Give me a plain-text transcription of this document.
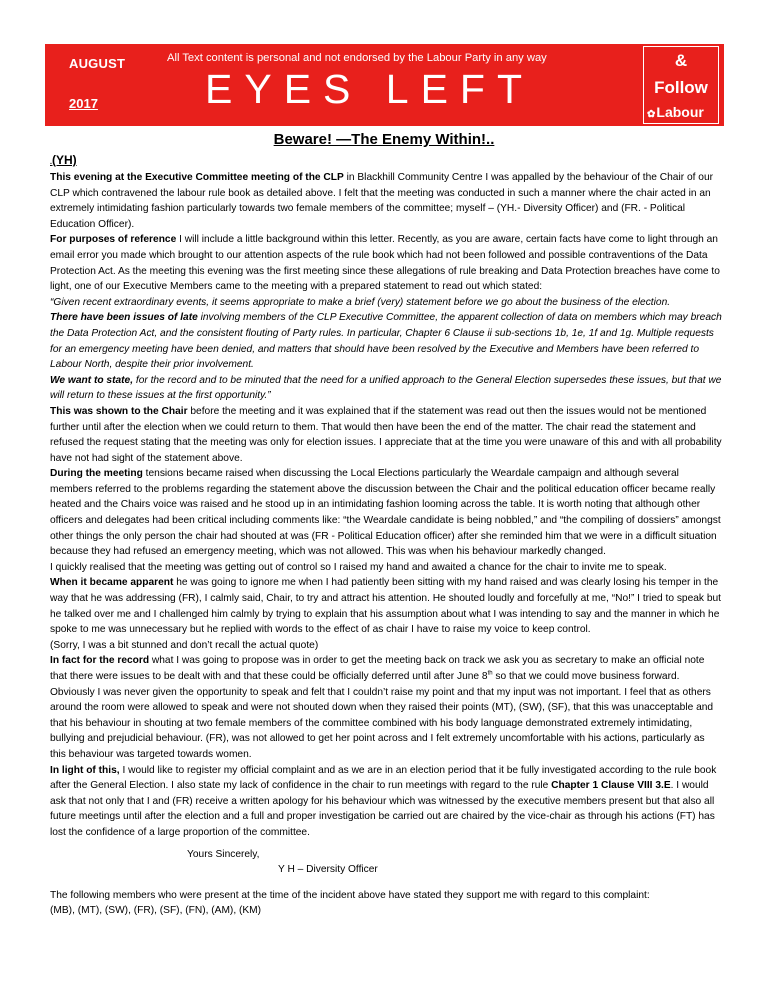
AUGUST
2017
All Text content is personal and not endorsed by the Labour Party in any way
EYES LEFT
&
Follow
✿Labour
Beware! —The Enemy Within!..

.(YH)

This evening at the Executive Committee meeting of the CLP in Blackhill Community Centre I was appalled by the behaviour of the Chair of our CLP which contravened the labour rule book as detailed above. I felt that the meeting was conducted in such a manner where the chair acted in an extremely intimidating fashion particularly towards two female members of the committee; myself – (YH.- Diversity Officer) and (FR. - Political Education Officer).

For purposes of reference I will include a little background within this letter. Recently, as you are aware, certain facts have come to light through an email error you made which brought to our attention aspects of the rule book which had not been followed and possible contraventions of the Data Protection Act. As the meeting this evening was the first meeting since these allegations of rule breaking and Data Protection breaches have come to light, one of our Executive Members came to the meeting with a prepared statement to read out which stated:

“Given recent extraordinary events, it seems appropriate to make a brief (very) statement before we go about the business of the election.

There have been issues of late involving members of the CLP Executive Committee, the apparent collection of data on members which may breach the Data Protection Act, and the consistent flouting of Party rules. In particular, Chapter 6 Clause ii sub-sections 1b, 1e, 1f and 1g. Multiple requests for an emergency meeting have been denied, and matters that should have been resolved by the Executive and Members have been referred to Labour North, despite their prior involvement.

We want to state, for the record and to be minuted that the need for a unified approach to the General Election supersedes these issues, but that we will return to these issues at the first opportunity.”

This was shown to the Chair before the meeting and it was explained that if the statement was read out then the issues would not be mentioned further until after the election when we could return to them. That would then have been the end of the matter. The chair read the statement and refused the request stating that the meeting was only for election issues. I appreciate that at the time you were unaware of this and with all probability have not had sight of the statement above.

During the meeting tensions became raised when discussing the Local Elections particularly the Weardale campaign and although several members referred to the problems regarding the statement above the discussion between the Chair and the political education officer became really heated and the Chairs voice was raised and he stood up in an intimidating fashion looming across the table. It is worth noting that although other officers and delegates had been critical including comments like: “the Weardale candidate is being nobbled,” and “the compiling of dossiers” amongst other things the only person the chair had shouted at was (FR - Political Education officer) after she reminded him that we were in a difficult situation because they had refused an emergency meeting, which was not allowed. This was when his behaviour markedly changed.

I quickly realised that the meeting was getting out of control so I raised my hand and awaited a chance for the chair to invite me to speak.

When it became apparent he was going to ignore me when I had patiently been sitting with my hand raised and was clearly losing his temper in the way that he was addressing (FR), I calmly said, Chair, to try and attract his attention. He shouted loudly and forcefully at me, “No!” I tried to speak but he talked over me and I challenged him calmly by trying to explain that his assumption about what I was intending to say and the manner in which he spoke to me was unnecessary but he replied with words to the effect of as chair I have to raise my voice to keep control.

(Sorry, I was a bit stunned and don’t recall the actual quote)

In fact for the record what I was going to propose was in order to get the meeting back on track we ask you as secretary to make an official note that there were issues to be dealt with and that these could be officially deferred until after June 8th so that we could move business forward. Obviously I was never given the opportunity to speak and felt that I couldn’t raise my point and that my input was not important. I feel that as others around the room were allowed to speak and were not shouted down when they raised their points (MT), (SW), (SF), that this was unacceptable and that his behaviour in shouting at two female members of the committee combined with his body language demonstrated extremely intimidating, bullying and prejudicial behaviour. (FR), was not allowed to get her point across and I felt extremely uncomfortable with his actions, particularly as this behaviour was targeted towards women.

In light of this, I would like to register my official complaint and as we are in an election period that it be fully investigated according to the rule book after the General Election. I also state my lack of confidence in the chair to run meetings with regard to the rule Chapter 1 Clause VIII 3.E. I would ask that not only that I and (FR) receive a written apology for his behaviour which was witnessed by the executive members present but that also all future meetings until after the election and a full and proper investigation be carried out are chaired by the vice-chair as through his actions (FT) has lost the confidence of a large proportion of the committee.

Yours Sincerely,

Y H – Diversity Officer

The following members who were present at the time of the incident above have stated they support me with regard to this complaint:

(MB), (MT), (SW), (FR), (SF), (FN), (AM), (KM)
